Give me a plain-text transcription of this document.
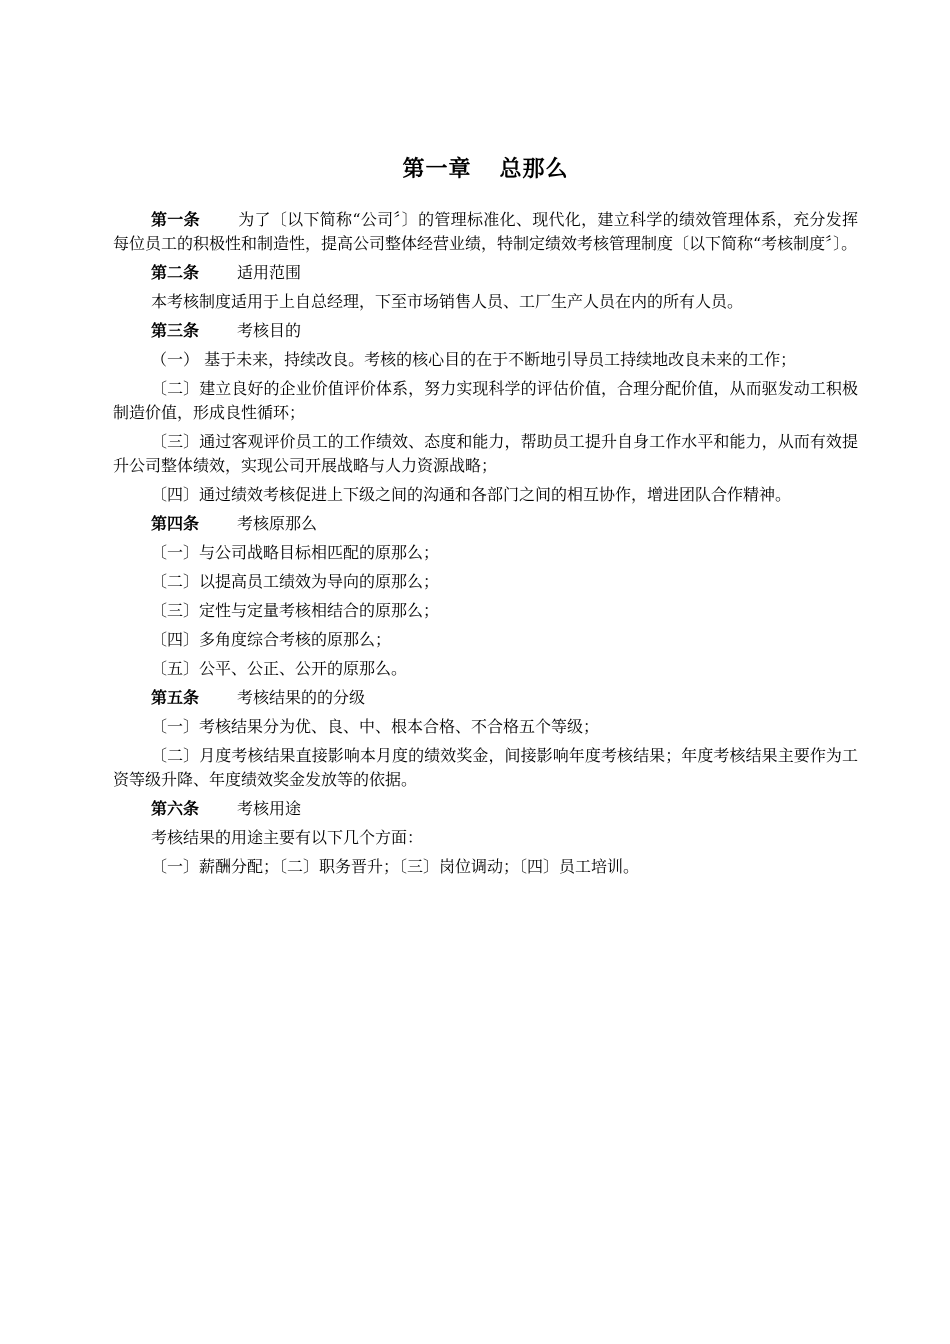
第一章 总那么

第一条 为了〔以下简称“公司〞〕的管理标准化、现代化，建立科学的绩效管理体系，充分发挥每位员工的积极性和制造性，提高公司整体经营业绩，特制定绩效考核管理制度〔以下简称“考核制度〞〕。

第二条 适用范围

本考核制度适用于上自总经理，下至市场销售人员、工厂生产人员在内的所有人员。

第三条 考核目的

（一） 基于未来，持续改良。考核的核心目的在于不断地引导员工持续地改良未来的工作；

〔二〕建立良好的企业价值评价体系，努力实现科学的评估价值，合理分配价值，从而驱发动工积极制造价值，形成良性循环；

〔三〕通过客观评价员工的工作绩效、态度和能力，帮助员工提升自身工作水平和能力，从而有效提升公司整体绩效，实现公司开展战略与人力资源战略；

〔四〕通过绩效考核促进上下级之间的沟通和各部门之间的相互协作，增进团队合作精神。

第四条 考核原那么

〔一〕与公司战略目标相匹配的原那么；

〔二〕以提高员工绩效为导向的原那么；

〔三〕定性与定量考核相结合的原那么；

〔四〕多角度综合考核的原那么；

〔五〕公平、公正、公开的原那么。

第五条 考核结果的的分级

〔一〕考核结果分为优、良、中、根本合格、不合格五个等级；

〔二〕月度考核结果直接影响本月度的绩效奖金，间接影响年度考核结果；年度考核结果主要作为工资等级升降、年度绩效奖金发放等的依据。

第六条 考核用途

考核结果的用途主要有以下几个方面：

〔一〕薪酬分配；〔二〕职务晋升；〔三〕岗位调动；〔四〕员工培训。
